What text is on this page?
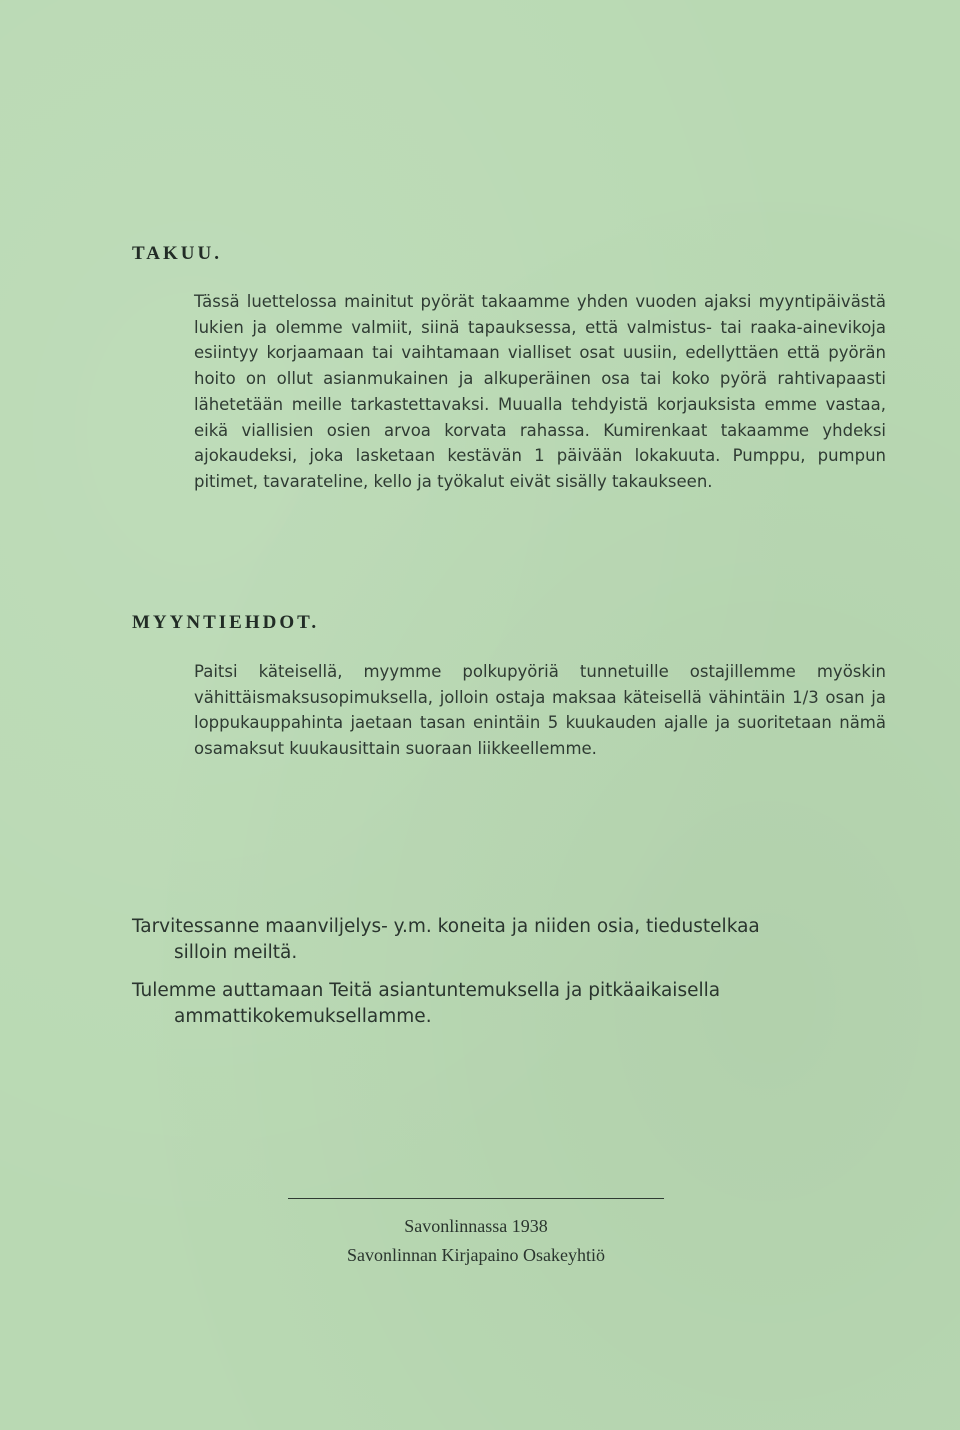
TAKUU.

Tässä luettelossa mainitut pyörät takaamme yhden vuoden ajaksi myyntipäivästä lukien ja olemme valmiit, siinä tapauksessa, että valmistus- tai raaka-ainevikoja esiintyy korjaamaan tai vaihtamaan vialliset osat uusiin, edellyttäen että pyörän hoito on ollut asianmukainen ja alkuperäinen osa tai koko pyörä rahtivapaasti lähetetään meille tarkastettavaksi. Muualla tehdyistä korjauksista emme vastaa, eikä viallisien osien arvoa korvata rahassa. Kumirenkaat takaamme yhdeksi ajokaudeksi, joka lasketaan kestävän 1 päivään lokakuuta. Pumppu, pumpun pitimet, tavarateline, kello ja työkalut eivät sisälly takaukseen.

MYYNTIEHDOT.

Paitsi käteisellä, myymme polkupyöriä tunnetuille ostajillemme myöskin vähittäismaksusopimuksella, jolloin ostaja maksaa käteisellä vähintäin 1/3 osan ja loppukauppahinta jaetaan tasan enintäin 5 kuukauden ajalle ja suoritetaan nämä osamaksut kuukausittain suoraan liikkeellemme.

Tarvitessanne maanviljelys- y.m. koneita ja niiden osia, tiedustelkaa
silloin meiltä.

Tulemme auttamaan Teitä asiantuntemuksella ja pitkäaikaisella
ammattikokemuksellamme.

Savonlinnassa 1938
Savonlinnan Kirjapaino Osakeyhtiö
